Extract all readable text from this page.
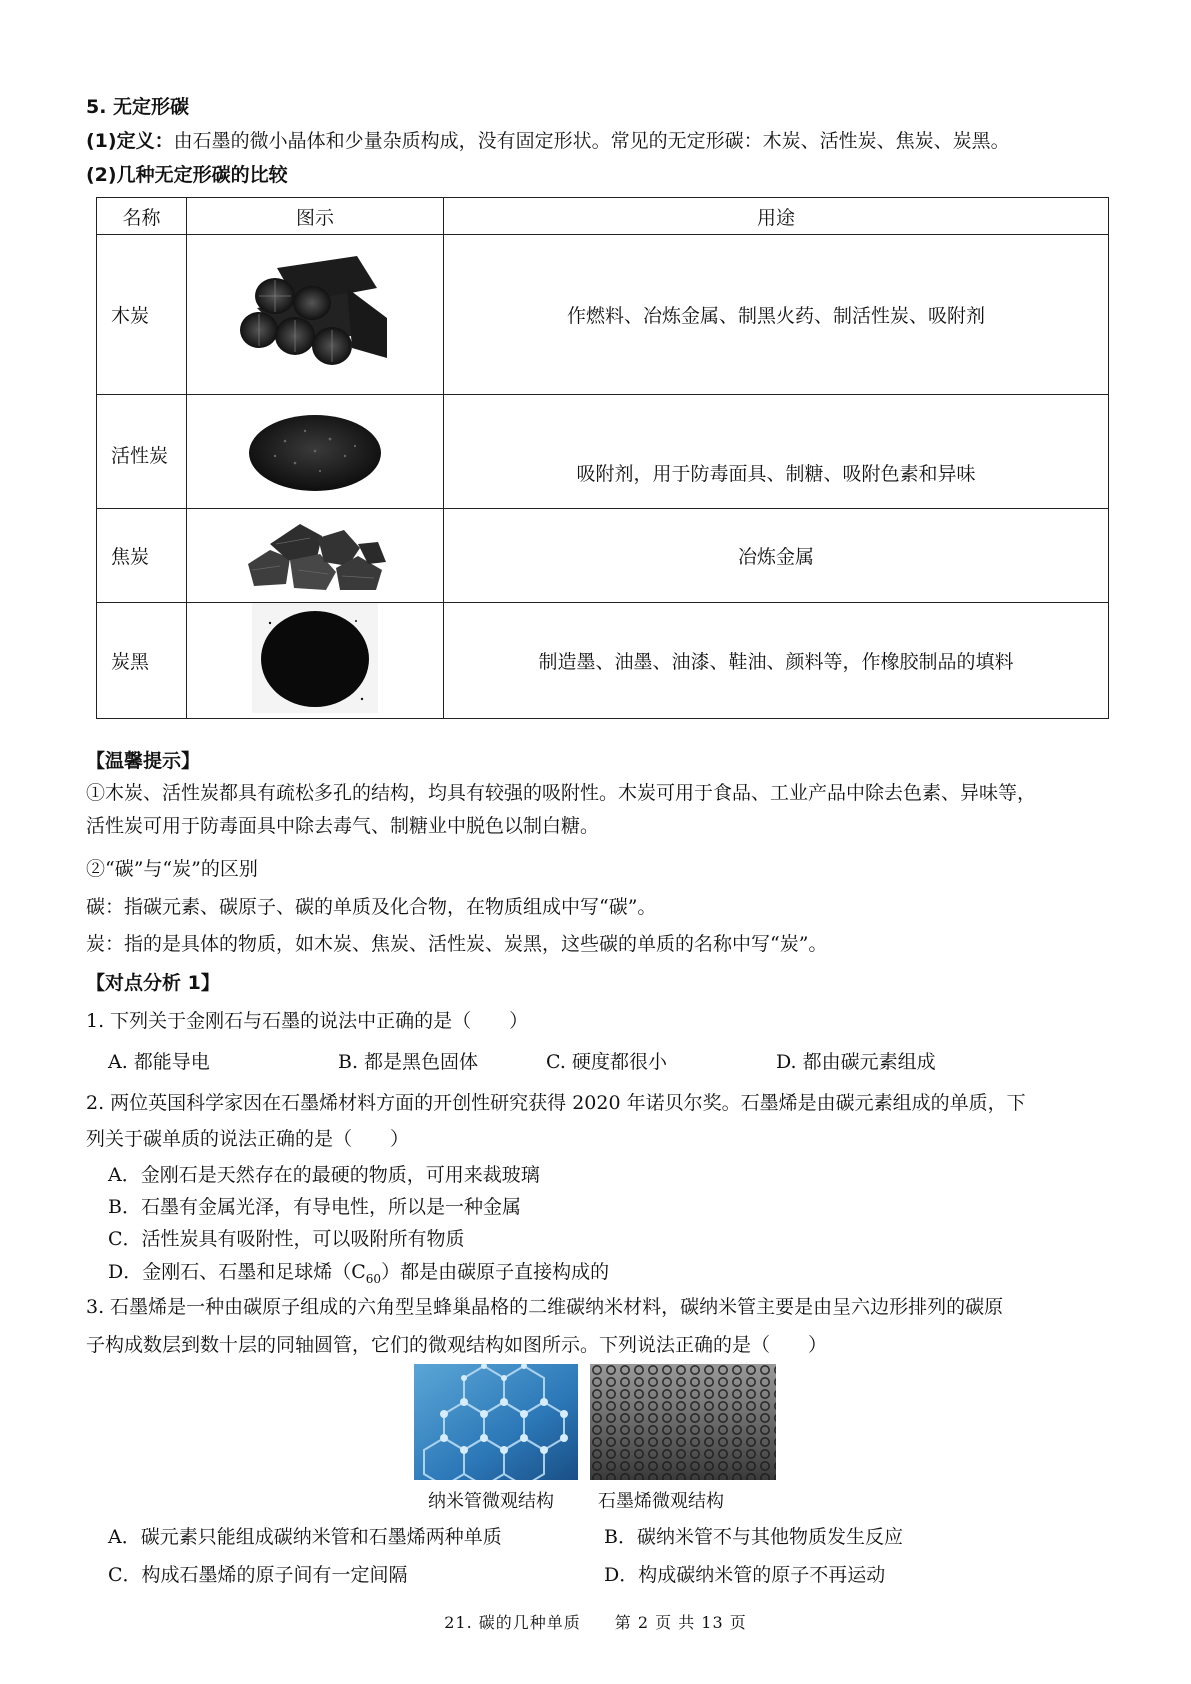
5. 无定形碳
(1)定义：由石墨的微小晶体和少量杂质构成，没有固定形状。常见的无定形碳：木炭、活性炭、焦炭、炭黑。
(2)几种无定形碳的比较
名称	图示	用途
木炭		作燃料、冶炼金属、制黑火药、制活性炭、吸附剂
活性炭		吸附剂，用于防毒面具、制糖、吸附色素和异味
焦炭		冶炼金属
炭黑		制造墨、油墨、油漆、鞋油、颜料等，作橡胶制品的填料
【温馨提示】
①木炭、活性炭都具有疏松多孔的结构，均具有较强的吸附性。木炭可用于食品、工业产品中除去色素、异味等，
活性炭可用于防毒面具中除去毒气、制糖业中脱色以制白糖。
②“碳”与“炭”的区别
碳：指碳元素、碳原子、碳的单质及化合物，在物质组成中写“碳”。
炭：指的是具体的物质，如木炭、焦炭、活性炭、炭黑，这些碳的单质的名称中写“炭”。
【对点分析 1】
1. 下列关于金刚石与石墨的说法中正确的是（　　）
A. 都能导电	B. 都是黑色固体	C. 硬度都很小	D. 都由碳元素组成
2. 两位英国科学家因在石墨烯材料方面的开创性研究获得 2020 年诺贝尔奖。石墨烯是由碳元素组成的单质，下
列关于碳单质的说法正确的是（　　）
A．金刚石是天然存在的最硬的物质，可用来裁玻璃
B．石墨有金属光泽，有导电性，所以是一种金属
C．活性炭具有吸附性，可以吸附所有物质
D．金刚石、石墨和足球烯$(C_{60})$都是由碳原子直接构成的
3. 石墨烯是一种由碳原子组成的六角型呈蜂巢晶格的二维碳纳米材料，碳纳米管主要是由呈六边形排列的碳原
子构成数层到数十层的同轴圆管，它们的微观结构如图所示。下列说法正确的是（　　）
纳米管微观结构 石墨烯微观结构
A．碳元素只能组成碳纳米管和石墨烯两种单质	B．碳纳米管不与其他物质发生反应
C．构成石墨烯的原子间有一定间隔	D．构成碳纳米管的原子不再运动
21. 碳的几种单质　　第 2 页 共 13 页
